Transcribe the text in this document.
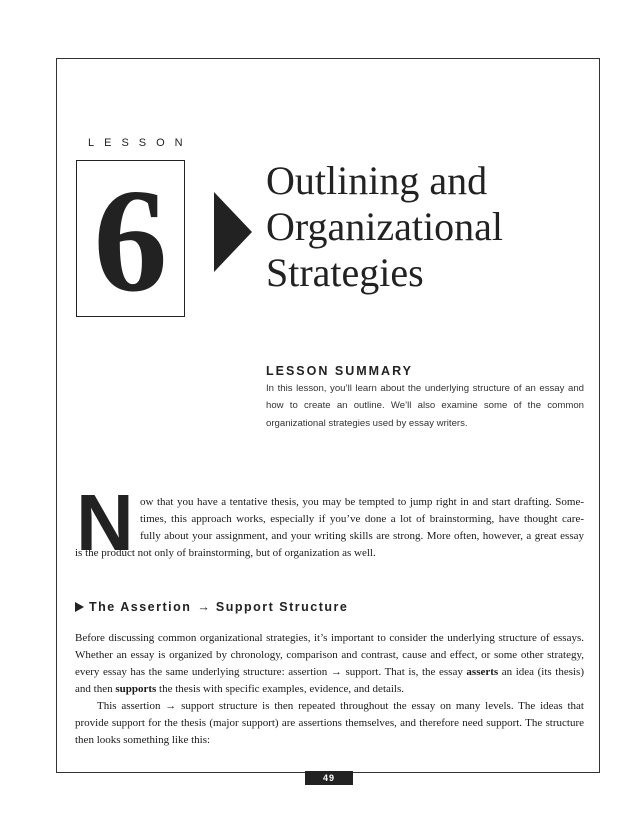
LESSON
6	Outlining and
Organizational
Strategies
LESSON SUMMARY
In this lesson, you’ll learn about the underlying structure of an essay and how to create an outline. We’ll also examine some of the common organizational strategies used by essay writers.
N ow that you have a tentative thesis, you may be tempted to jump right in and start drafting. Some-
times, this approach works, especially if you’ve done a lot of brainstorming, have thought care-
fully about your assignment, and your writing skills are strong. More often, however, a great essay
is the product not only of brainstorming, but of organization as well.
The Assertion → Support Structure
Before discussing common organizational strategies, it’s important to consider the underlying structure of essays. Whether an essay is organized by chronology, comparison and contrast, cause and effect, or some other strategy, every essay has the same underlying structure: assertion → support. That is, the essay asserts an idea (its thesis) and then supports the thesis with specific examples, evidence, and details.
This assertion → support structure is then repeated throughout the essay on many levels. The ideas that provide support for the thesis (major support) are assertions themselves, and therefore need support. The structure then looks something like this:
49
